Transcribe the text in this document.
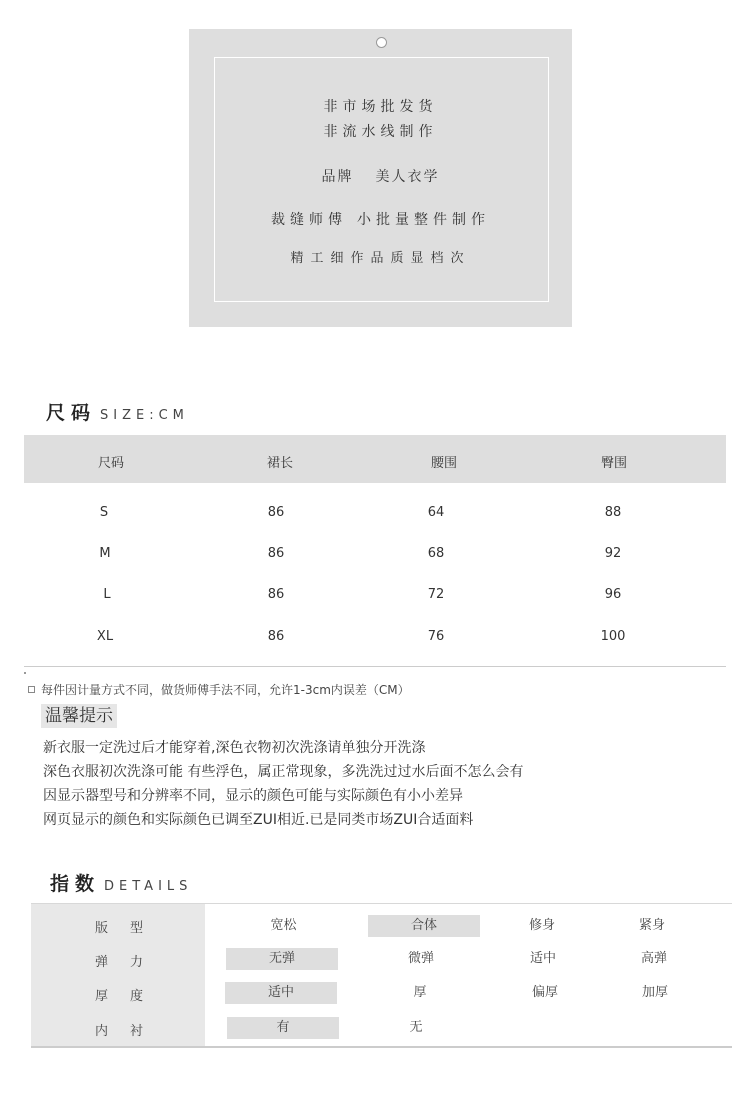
非市场批发货
非流水线制作
品牌 美人衣学
裁缝师傅 小批量整件制作
精工细作品质显档次
尺码 SIZE:CM
尺码	裙长	腰围	臀围
S	86	64	88
M	86	68	92
L	86	72	96
XL	86	76	100
每件因计量方式不同，做货师傅手法不同，允许1-3cm内误差（CM）
温馨提示
新衣服一定洗过后才能穿着,深色衣物初次洗涤请单独分开洗涤
深色衣服初次洗涤可能 有些浮色，属正常现象，多洗洗过过水后面不怎么会有
因显示器型号和分辨率不同，显示的颜色可能与实际颜色有小小差异
网页显示的颜色和实际颜色已调至ZUI相近.已是同类市场ZUI合适面料
指数 DETAILS
版型	宽松	合体	修身	紧身
弹力	无弹	微弹	适中	高弹
厚度	适中	厚	偏厚	加厚
内衬	有	无
